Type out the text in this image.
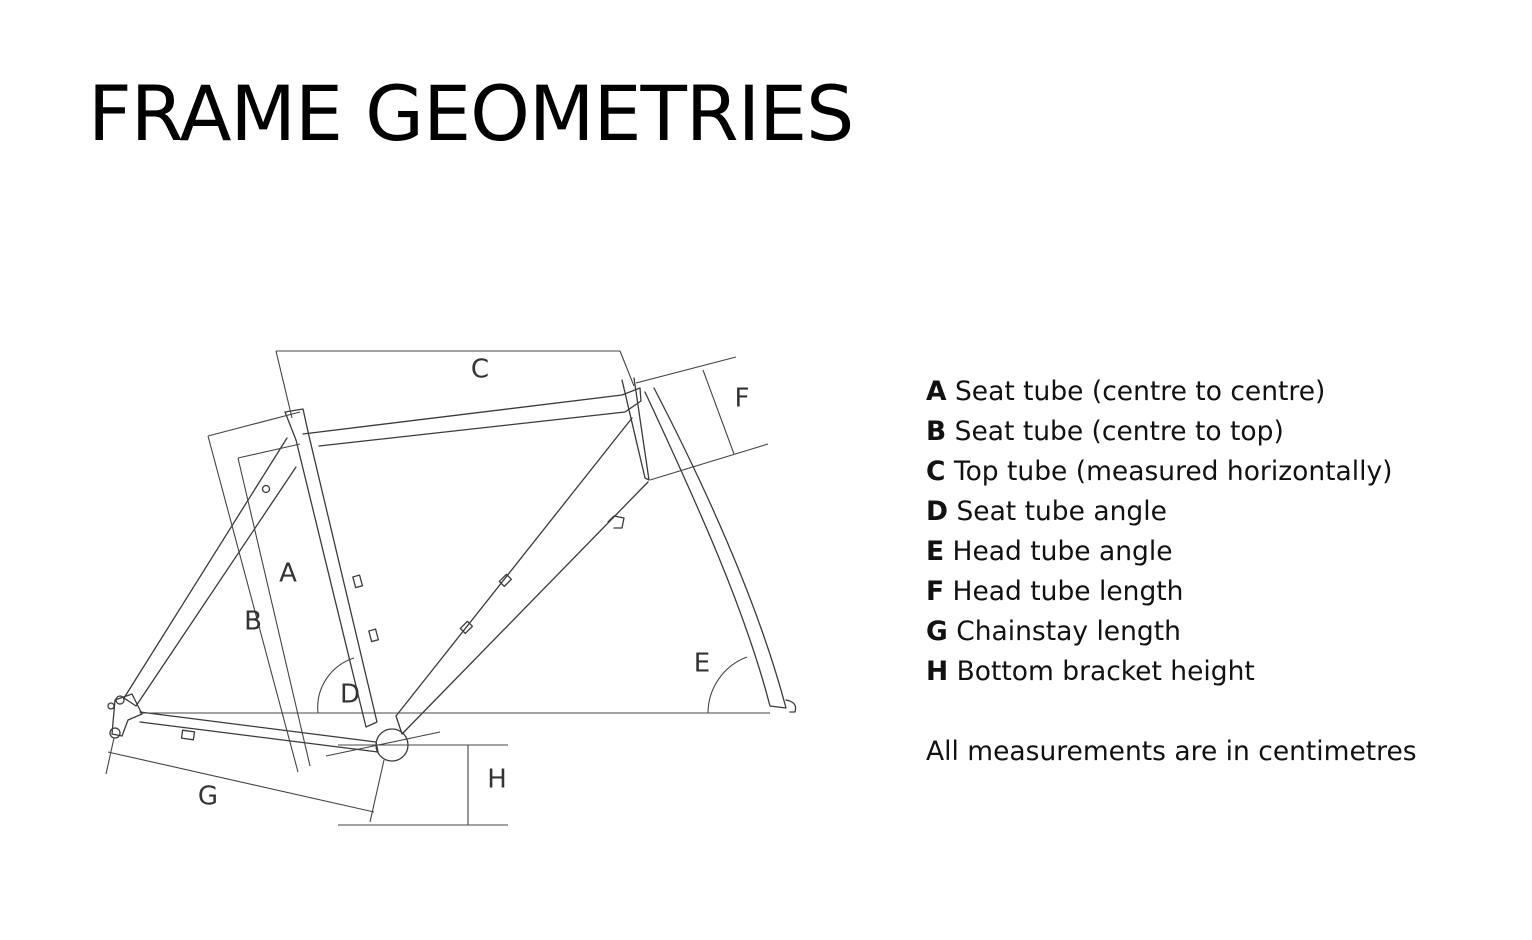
FRAME GEOMETRIES
A
B
C
D
E
F
G
H
A Seat tube (centre to centre)
B Seat tube (centre to top)
C Top tube (measured horizontally)
D Seat tube angle
E Head tube angle
F Head tube length
G Chainstay length
H Bottom bracket height
All measurements are in centimetres
